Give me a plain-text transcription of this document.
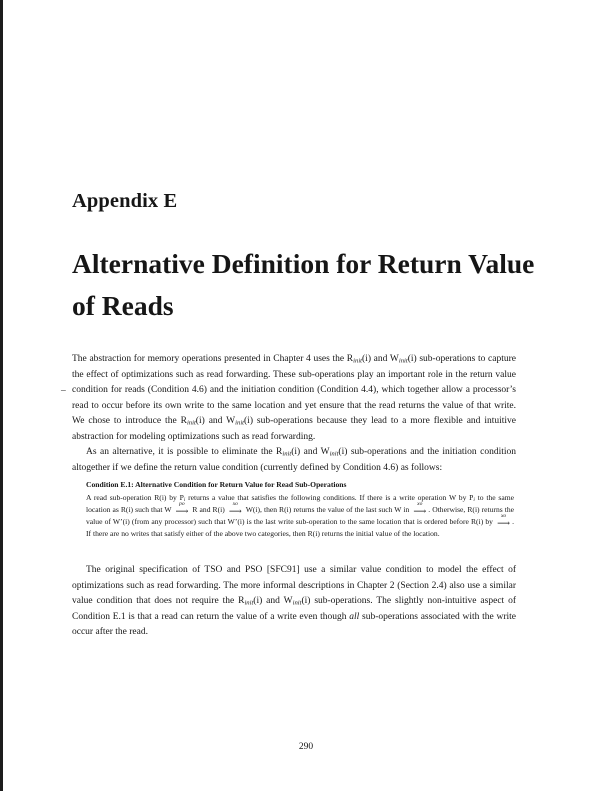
Appendix E
Alternative Definition for Return Value of Reads
–

The abstraction for memory operations presented in Chapter 4 uses the $R_{init}(i)$ and $W_{init}(i)$ sub-operations to capture the effect of optimizations such as read forwarding. These sub-operations play an important role in the return value condition for reads (Condition 4.6) and the initiation condition (Condition 4.4), which together allow a processor’s read to occur before its own write to the same location and yet ensure that the read returns the value of that write. We chose to introduce the $R_{init}(i)$ and $W_{init}(i)$ sub-operations because they lead to a more flexible and intuitive abstraction for modeling optimizations such as read forwarding.

As an alternative, it is possible to eliminate the $R_{init}(i)$ and $W_{init}(i)$ sub-operations and the initiation condition altogether if we define the return value condition (currently defined by Condition 4.6) as follows:

Condition E.1: Alternative Condition for Return Value for Read Sub-Operations
A read sub-operation R(i) by $P_i$ returns a value that satisfies the following conditions. If there is a write operation W by $P_i$ to the same location as R(i) such that W
po
⟶ R and R(i)
xo
⟶ W(i), then R(i) returns the value of the last such W in
xo
⟶ . Otherwise, R(i) returns the value of W’(i) (from any processor) such that W’(i) is the last write sub-operation to the same location that is ordered before R(i) by
xo
⟶ . If there are no writes that satisfy either of the above two categories, then R(i) returns the initial value of the location.

The original specification of TSO and PSO [SFC91] use a similar value condition to model the effect of optimizations such as read forwarding. The more informal descriptions in Chapter 2 (Section 2.4) also use a similar value condition that does not require the $R_{init}(i)$ and $W_{init}(i)$ sub-operations. The slightly non-intuitive aspect of Condition E.1 is that a read can return the value of a write even though all sub-operations associated with the write occur after the read.

290
